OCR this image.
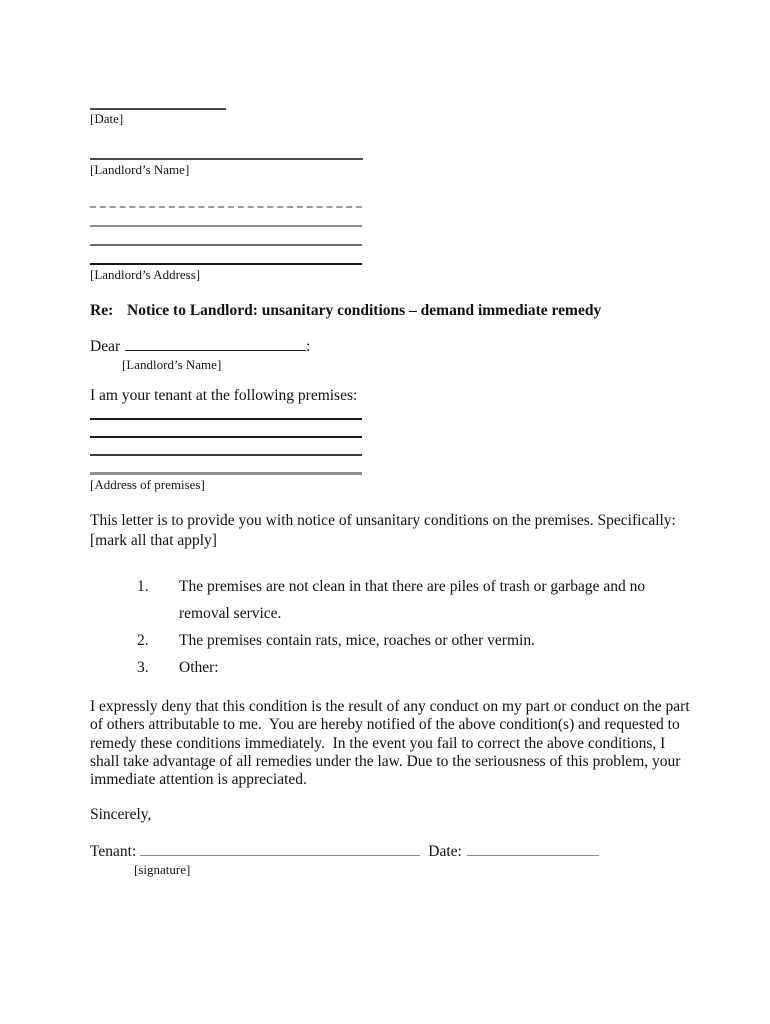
[Date]
[Landlord’s Name]
[Landlord’s Address]
Re: Notice to Landlord: unsanitary conditions – demand immediate remedy
Dear	:
[Landlord’s Name]
I am your tenant at the following premises:
[Address of premises]
This letter is to provide you with notice of unsanitary conditions on the premises. Specifically:
[mark all that apply]
1.	The premises are not clean in that there are piles of trash or garbage and no removal service.
2.	The premises contain rats, mice, roaches or other vermin.
3.	Other:
I expressly deny that this condition is the result of any conduct on my part or conduct on the part of others attributable to me.  You are hereby notified of the above condition(s) and requested to remedy these conditions immediately.  In the event you fail to correct the above conditions, I shall take advantage of all remedies under the law. Due to the seriousness of this problem, your immediate attention is appreciated.
Sincerely,
Tenant:	Date:
[signature]
